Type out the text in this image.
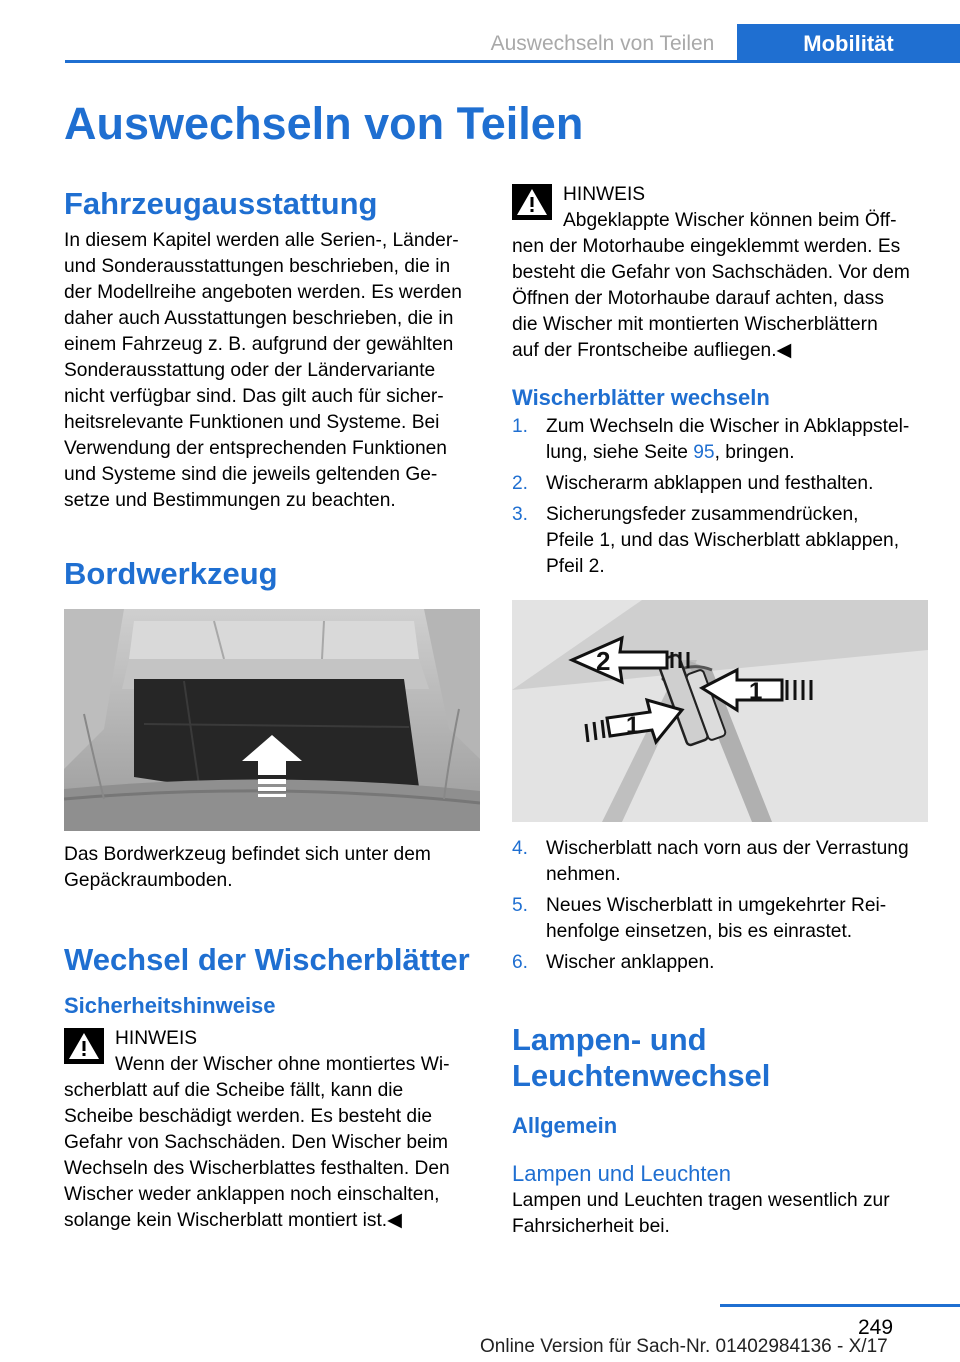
Auswechseln von Teilen	Mobilität
Auswechseln von Teilen
Fahrzeugausstattung
In diesem Kapitel werden alle Serien-, Länder-
und Sonderausstattungen beschrieben, die in
der Modellreihe angeboten werden. Es werden
daher auch Ausstattungen beschrieben, die in
einem Fahrzeug z. B. aufgrund der gewählten
Sonderausstattung oder der Ländervariante
nicht verfügbar sind. Das gilt auch für sicher-
heitsrelevante Funktionen und Systeme. Bei
Verwendung der entsprechenden Funktionen
und Systeme sind die jeweils geltenden Ge-
setze und Bestimmungen zu beachten.
Bordwerkzeug
Das Bordwerkzeug befindet sich unter dem
Gepäckraumboden.
Wechsel der Wischerblätter
Sicherheitshinweise
HINWEIS
Wenn der Wischer ohne montiertes Wi-
scherblatt auf die Scheibe fällt, kann die
Scheibe beschädigt werden. Es besteht die
Gefahr von Sachschäden. Den Wischer beim
Wechseln des Wischerblattes festhalten. Den
Wischer weder anklappen noch einschalten,
solange kein Wischerblatt montiert ist.◀
HINWEIS
Abgeklappte Wischer können beim Öff-
nen der Motorhaube eingeklemmt werden. Es
besteht die Gefahr von Sachschäden. Vor dem
Öffnen der Motorhaube darauf achten, dass
die Wischer mit montierten Wischerblättern
auf der Frontscheibe aufliegen.◀
Wischerblätter wechseln
1. Zum Wechseln die Wischer in Abklappstel-
lung, siehe Seite 95, bringen.
2. Wischerarm abklappen und festhalten.
3. Sicherungsfeder zusammendrücken,
Pfeile 1, und das Wischerblatt abklappen,
Pfeil 2.
2
1
1
4. Wischerblatt nach vorn aus der Verrastung
nehmen.
5. Neues Wischerblatt in umgekehrter Rei-
henfolge einsetzen, bis es einrastet.
6. Wischer anklappen.
Lampen- und
Leuchtenwechsel
Allgemein
Lampen und Leuchten
Lampen und Leuchten tragen wesentlich zur
Fahrsicherheit bei.
249
Online Version für Sach-Nr. 01402984136 - X/17
